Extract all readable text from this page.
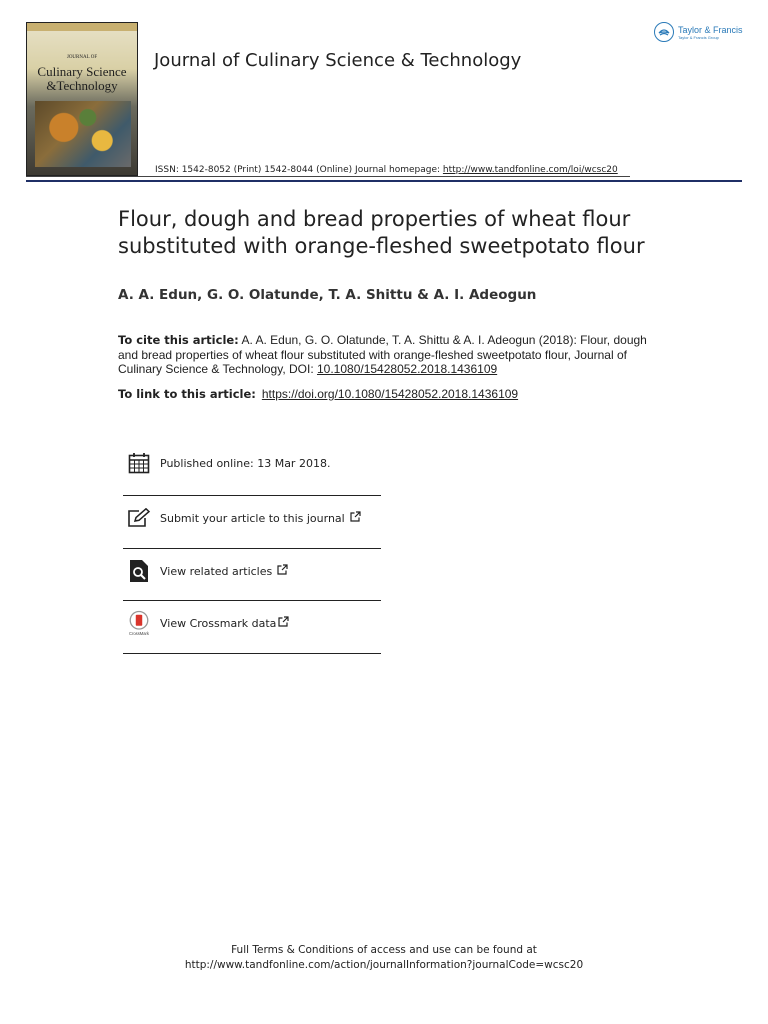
JOURNAL OF
Culinary Science
&Technology
Journal of Culinary Science & Technology
Taylor & Francis
Taylor & Francis Group
ISSN: 1542-8052 (Print) 1542-8044 (Online) Journal homepage: http://www.tandfonline.com/loi/wcsc20
Flour, dough and bread properties of wheat flour substituted with orange-fleshed sweetpotato flour
A. A. Edun, G. O. Olatunde, T. A. Shittu & A. I. Adeogun
To cite this article: A. A. Edun, G. O. Olatunde, T. A. Shittu & A. I. Adeogun (2018): Flour, dough and bread properties of wheat flour substituted with orange-fleshed sweetpotato flour, Journal of Culinary Science & Technology, DOI: 10.1080/15428052.2018.1436109
To link to this article: https://doi.org/10.1080/15428052.2018.1436109
Published online: 13 Mar 2018.
Submit your article to this journal
View related articles
CrossMark
View Crossmark data
Full Terms & Conditions of access and use can be found at
http://www.tandfonline.com/action/journalInformation?journalCode=wcsc20
